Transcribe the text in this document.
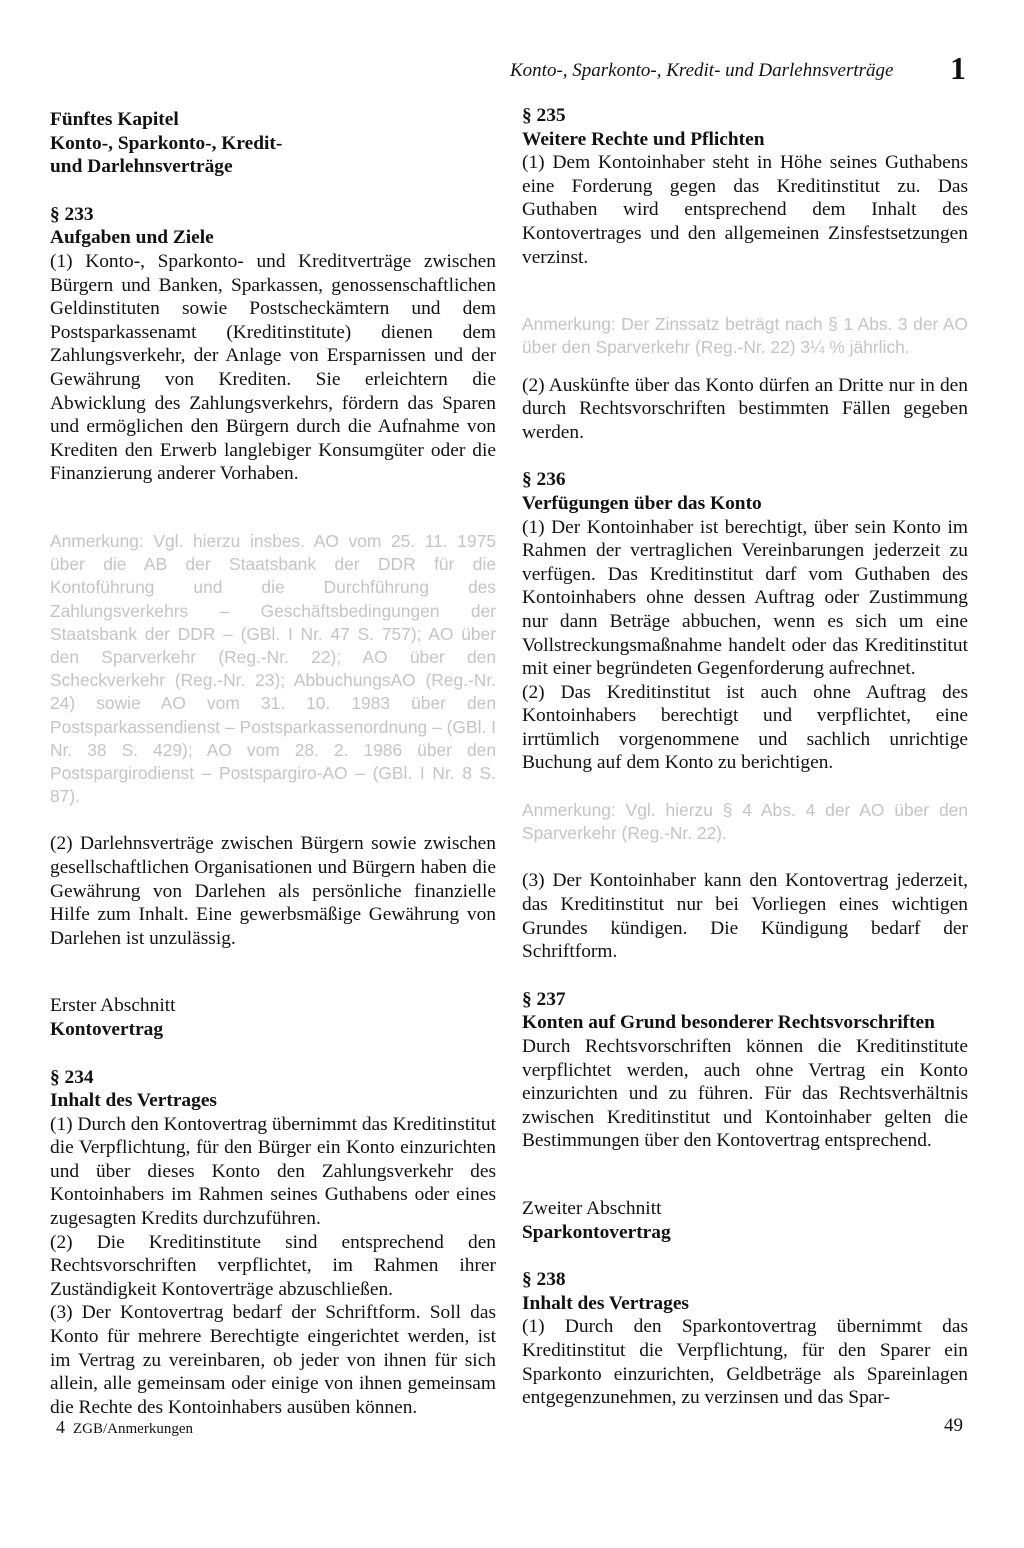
Konto-, Sparkonto-, Kredit- und Darlehnsverträge	1
Fünftes Kapitel
Konto-, Sparkonto-, Kredit-
und Darlehnsverträge
§ 233
Aufgaben und Ziele

(1) Konto-, Sparkonto- und Kreditverträge zwischen Bürgern und Banken, Sparkassen, genossenschaftlichen Geldinstituten sowie Postscheckämtern und dem Postsparkassenamt (Kreditinstitute) dienen dem Zahlungsverkehr, der Anlage von Ersparnissen und der Gewährung von Krediten. Sie erleichtern die Abwicklung des Zahlungsverkehrs, fördern das Sparen und ermöglichen den Bürgern durch die Aufnahme von Krediten den Erwerb langlebiger Konsumgüter oder die Finanzierung anderer Vorhaben.

Anmerkung: Vgl. hierzu insbes. AO vom 25. 11. 1975 über die AB der Staatsbank der DDR für die Kontoführung und die Durchführung des Zahlungsverkehrs – Geschäftsbedingungen der Staatsbank der DDR – (GBl. I Nr. 47 S. 757); AO über den Sparverkehr (Reg.-Nr. 22); AO über den Scheckverkehr (Reg.-Nr. 23); AbbuchungsAO (Reg.-Nr. 24) sowie AO vom 31. 10. 1983 über den Postsparkassendienst – Postsparkassenordnung – (GBl. I Nr. 38 S. 429); AO vom 28. 2. 1986 über den Postspargirodienst – Postspargiro-AO – (GBl. I Nr. 8 S. 87).

(2) Darlehnsverträge zwischen Bürgern sowie zwischen gesellschaftlichen Organisationen und Bürgern haben die Gewährung von Darlehen als persönliche finanzielle Hilfe zum Inhalt. Eine gewerbsmäßige Gewährung von Darlehen ist unzulässig.

Erster Abschnitt
Kontovertrag
§ 234
Inhalt des Vertrages

(1) Durch den Kontovertrag übernimmt das Kreditinstitut die Verpflichtung, für den Bürger ein Konto einzurichten und über dieses Konto den Zahlungsverkehr des Kontoinhabers im Rahmen seines Guthabens oder eines zugesagten Kredits durchzuführen.

(2) Die Kreditinstitute sind entsprechend den Rechtsvorschriften verpflichtet, im Rahmen ihrer Zuständigkeit Kontoverträge abzuschließen.

(3) Der Kontovertrag bedarf der Schriftform. Soll das Konto für mehrere Berechtigte eingerichtet werden, ist im Vertrag zu vereinbaren, ob jeder von ihnen für sich allein, alle gemeinsam oder einige von ihnen gemeinsam die Rechte des Kontoinhabers ausüben können.

§ 235
Weitere Rechte und Pflichten

(1) Dem Kontoinhaber steht in Höhe seines Guthabens eine Forderung gegen das Kreditinstitut zu. Das Guthaben wird entsprechend dem Inhalt des Kontovertrages und den allgemeinen Zinsfestsetzungen verzinst.

Anmerkung: Der Zinssatz beträgt nach § 1 Abs. 3 der AO über den Sparverkehr (Reg.-Nr. 22) 3¼ % jährlich.

(2) Auskünfte über das Konto dürfen an Dritte nur in den durch Rechtsvorschriften bestimmten Fällen gegeben werden.

§ 236
Verfügungen über das Konto

(1) Der Kontoinhaber ist berechtigt, über sein Konto im Rahmen der vertraglichen Vereinbarungen jederzeit zu verfügen. Das Kreditinstitut darf vom Guthaben des Kontoinhabers ohne dessen Auftrag oder Zustimmung nur dann Beträge abbuchen, wenn es sich um eine Vollstreckungsmaßnahme handelt oder das Kreditinstitut mit einer begründeten Gegenforderung aufrechnet.

(2) Das Kreditinstitut ist auch ohne Auftrag des Kontoinhabers berechtigt und verpflichtet, eine irrtümlich vorgenommene und sachlich unrichtige Buchung auf dem Konto zu berichtigen.

Anmerkung: Vgl. hierzu § 4 Abs. 4 der AO über den Sparverkehr (Reg.-Nr. 22).

(3) Der Kontoinhaber kann den Kontovertrag jederzeit, das Kreditinstitut nur bei Vorliegen eines wichtigen Grundes kündigen. Die Kündigung bedarf der Schriftform.

§ 237
Konten auf Grund besonderer Rechtsvorschriften

Durch Rechtsvorschriften können die Kreditinstitute verpflichtet werden, auch ohne Vertrag ein Konto einzurichten und zu führen. Für das Rechtsverhältnis zwischen Kreditinstitut und Kontoinhaber gelten die Bestimmungen über den Kontovertrag entsprechend.

Zweiter Abschnitt
Sparkontovertrag
§ 238
Inhalt des Vertrages

(1) Durch den Sparkontovertrag übernimmt das Kreditinstitut die Verpflichtung, für den Sparer ein Sparkonto einzurichten, Geldbeträge als Spareinlagen entgegenzunehmen, zu verzinsen und das Spar-

4 ZGB/Anmerkungen	49
